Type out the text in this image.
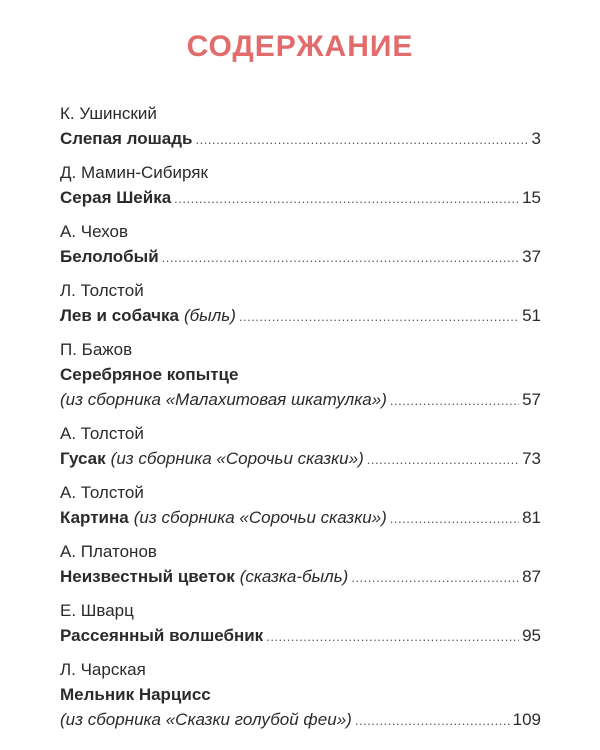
СОДЕРЖАНИЕ
К. Ушинский
Слепая лошадь .....	3
Д. Мамин-Сибиряк
Серая Шейка .....	15
А. Чехов
Белолобый .....	37
Л. Толстой
Лев и собачка (быль) .....	51
П. Бажов
Серебряное копытце
(из сборника «Малахитовая шкатулка») .....	57
А. Толстой
Гусак (из сборника «Сорочьи сказки») .....	73
А. Толстой
Картина (из сборника «Сорочьи сказки») .....	81
А. Платонов
Неизвестный цветок (сказка-быль) .....	87
Е. Шварц
Рассеянный волшебник .....	95
Л. Чарская
Мельник Нарцисс
(из сборника «Сказки голубой феи») .....	109
